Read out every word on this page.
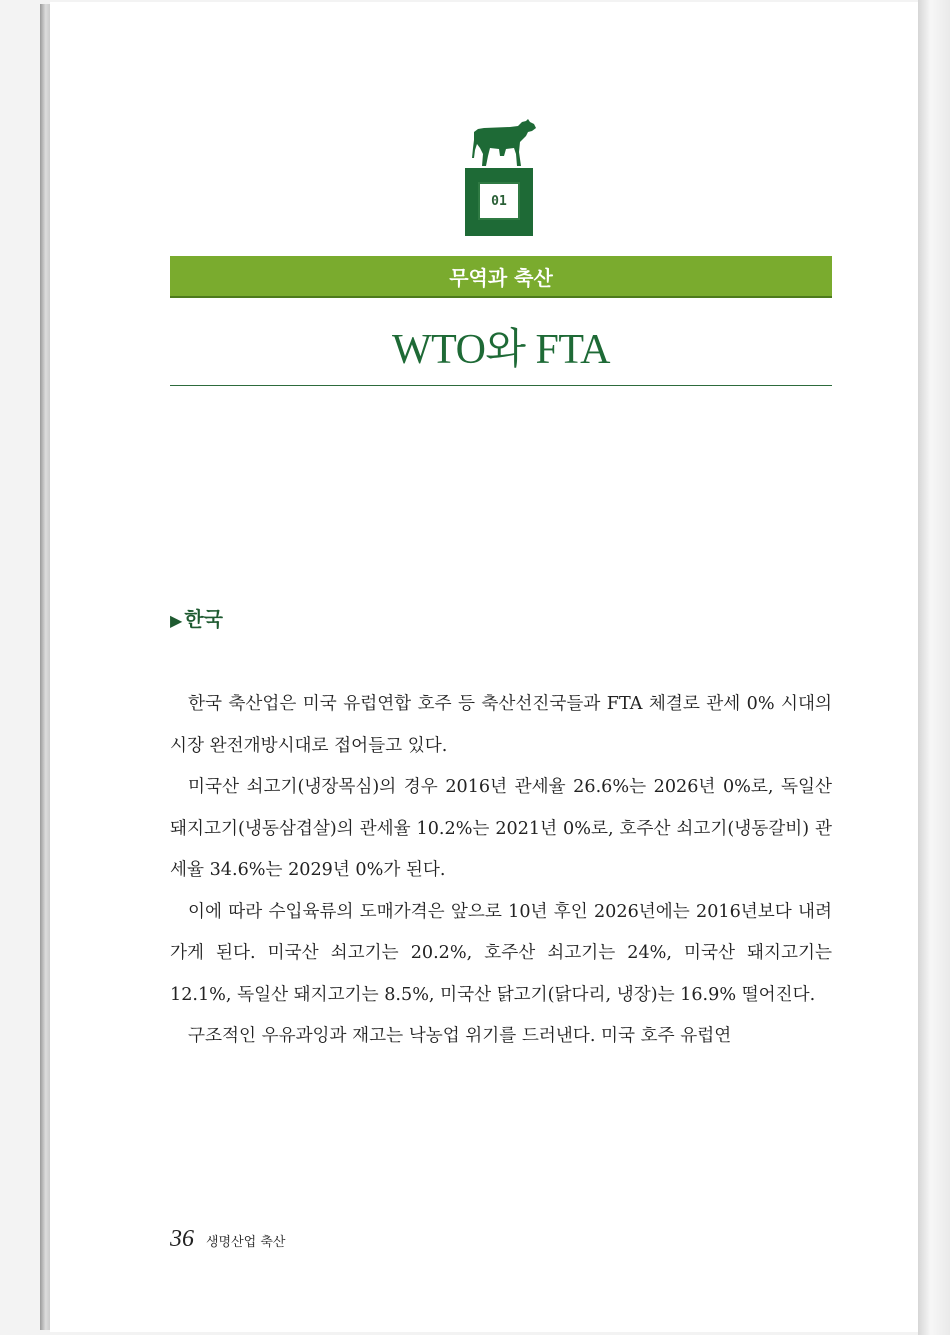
01
무역과 축산
WTO와 FTA
▶ 한국

한국 축산업은 미국 유럽연합 호주 등 축산선진국들과 FTA 체결로 관세 0% 시대의 시장 완전개방시대로 접어들고 있다.

미국산 쇠고기(냉장목심)의 경우 2016년 관세율 26.6%는 2026년 0%로, 독일산 돼지고기(냉동삼겹살)의 관세율 10.2%는 2021년 0%로, 호주산 쇠고기(냉동갈비) 관세율 34.6%는 2029년 0%가 된다.

이에 따라 수입육류의 도매가격은 앞으로 10년 후인 2026년에는 2016년보다 내려가게 된다. 미국산 쇠고기는 20.2%, 호주산 쇠고기는 24%, 미국산 돼지고기는 12.1%, 독일산 돼지고기는 8.5%, 미국산 닭고기(닭다리, 냉장)는 16.9% 떨어진다.

구조적인 우유과잉과 재고는 낙농업 위기를 드러낸다. 미국 호주 유럽연

36 생명산업 축산
